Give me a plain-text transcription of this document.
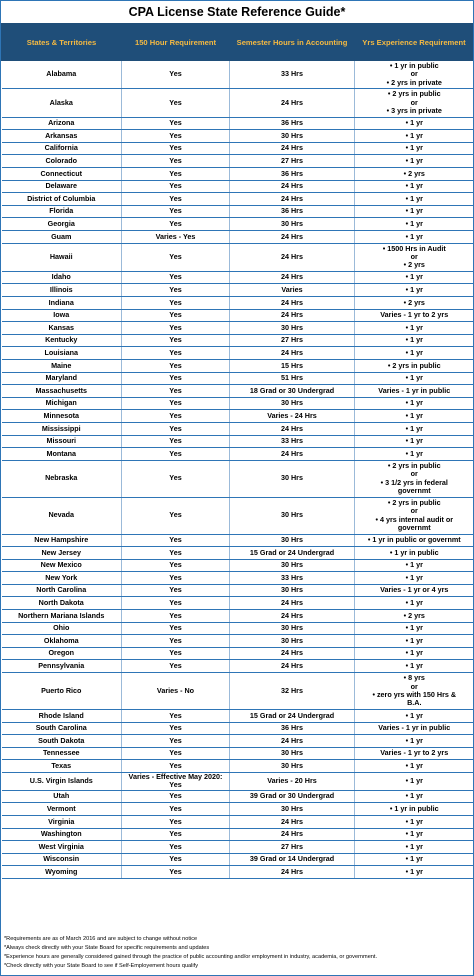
CPA License State Reference Guide*
States & Territories	150 Hour Requirement	Semester Hours in Accounting	Yrs Experience Requirement
Alabama	Yes	33 Hrs	• 1 yr in public
or
• 2 yrs in private

Alaska	Yes	24 Hrs	• 2 yrs in public
or
• 3 yrs in private

Arizona	Yes	36 Hrs	• 1 yr

Arkansas	Yes	30 Hrs	• 1 yr

California	Yes	24 Hrs	• 1 yr

Colorado	Yes	27 Hrs	• 1 yr

Connecticut	Yes	36 Hrs	• 2 yrs

Delaware	Yes	24 Hrs	• 1 yr

District of Columbia	Yes	24 Hrs	• 1 yr

Florida	Yes	36 Hrs	• 1 yr

Georgia	Yes	30 Hrs	• 1 yr

Guam	Varies - Yes	24 Hrs	• 1 yr

Hawaii	Yes	24 Hrs	• 1500 Hrs in Audit
or
• 2 yrs

Idaho	Yes	24 Hrs	• 1 yr

Illinois	Yes	Varies	• 1 yr

Indiana	Yes	24 Hrs	• 2 yrs

Iowa	Yes	24 Hrs	Varies - 1 yr to 2 yrs

Kansas	Yes	30 Hrs	• 1 yr

Kentucky	Yes	27 Hrs	• 1 yr

Louisiana	Yes	24 Hrs	• 1 yr

Maine	Yes	15 Hrs	• 2 yrs in public

Maryland	Yes	51 Hrs	• 1 yr

Massachusetts	Yes	18 Grad or 30 Undergrad	Varies - 1 yr in public

Michigan	Yes	30 Hrs	• 1 yr

Minnesota	Yes	Varies - 24 Hrs	• 1 yr

Mississippi	Yes	24 Hrs	• 1 yr

Missouri	Yes	33 Hrs	• 1 yr

Montana	Yes	24 Hrs	• 1 yr

Nebraska	Yes	30 Hrs	• 2 yrs in public
or
• 3 1/2 yrs in federal
governmt

Nevada	Yes	30 Hrs	• 2 yrs in public
or
• 4 yrs internal audit or
governmt

New Hampshire	Yes	30 Hrs	• 1 yr in public or governmt

New Jersey	Yes	15 Grad or 24 Undergrad	• 1 yr in public

New Mexico	Yes	30 Hrs	• 1 yr

New York	Yes	33 Hrs	• 1 yr

North Carolina	Yes	30 Hrs	Varies - 1 yr or 4 yrs

North Dakota	Yes	24 Hrs	• 1 yr

Northern Mariana Islands	Yes	24 Hrs	• 2 yrs

Ohio	Yes	30 Hrs	• 1 yr

Oklahoma	Yes	30 Hrs	• 1 yr

Oregon	Yes	24 Hrs	• 1 yr

Pennsylvania	Yes	24 Hrs	• 1 yr

Puerto Rico	Varies - No	32 Hrs	• 8 yrs
or
• zero yrs with 150 Hrs &
B.A.

Rhode Island	Yes	15 Grad or 24 Undergrad	• 1 yr

South Carolina	Yes	36 Hrs	Varies - 1 yr in public

South Dakota	Yes	24 Hrs	• 1 yr

Tennessee	Yes	30 Hrs	Varies - 1 yr to 2 yrs

Texas	Yes	30 Hrs	• 1 yr

U.S. Virgin Islands	Varies - Effective May 2020: Yes	Varies - 20 Hrs	• 1 yr

Utah	Yes	39 Grad or 30 Undergrad	• 1 yr

Vermont	Yes	30 Hrs	• 1 yr in public

Virginia	Yes	24 Hrs	• 1 yr

Washington	Yes	24 Hrs	• 1 yr

West Virginia	Yes	27 Hrs	• 1 yr

Wisconsin	Yes	39 Grad or 14 Undergrad	• 1 yr

Wyoming	Yes	24 Hrs	• 1 yr
*Requirements are as of March 2016 and are subject to change without notice
*Always check directly with your State Board for specific requirements and updates
*Experience hours are generally considered gained through the practice of public accounting and/or employment in industry, academia, or government.
*Check directly with your State Board to see if Self-Employement hours qualify
